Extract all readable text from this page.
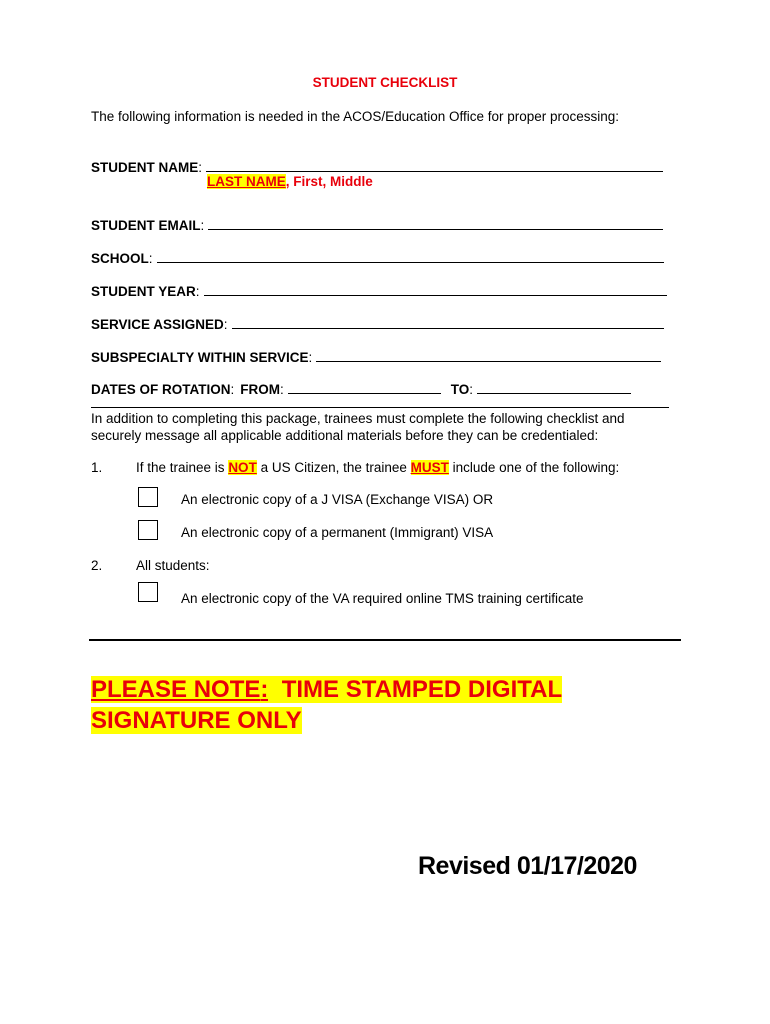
STUDENT CHECKLIST
The following information is needed in the ACOS/Education Office for proper processing:
STUDENT NAME :
LAST NAME, First, Middle
STUDENT EMAIL :
SCHOOL :
STUDENT YEAR :
SERVICE ASSIGNED :
SUBSPECIALTY WITHIN SERVICE :
DATES OF ROTATION : FROM :	TO :
In addition to completing this package, trainees must complete the following checklist and securely message all applicable additional materials before they can be credentialed:
1. If the trainee is NOT a US Citizen, the trainee MUST include one of the following:
An electronic copy of a J VISA (Exchange VISA) OR
An electronic copy of a permanent (Immigrant) VISA
2. All students:
An electronic copy of the VA required online TMS training certificate
PLEASE NOTE: TIME STAMPED DIGITAL
SIGNATURE ONLY
Revised 01/17/2020
